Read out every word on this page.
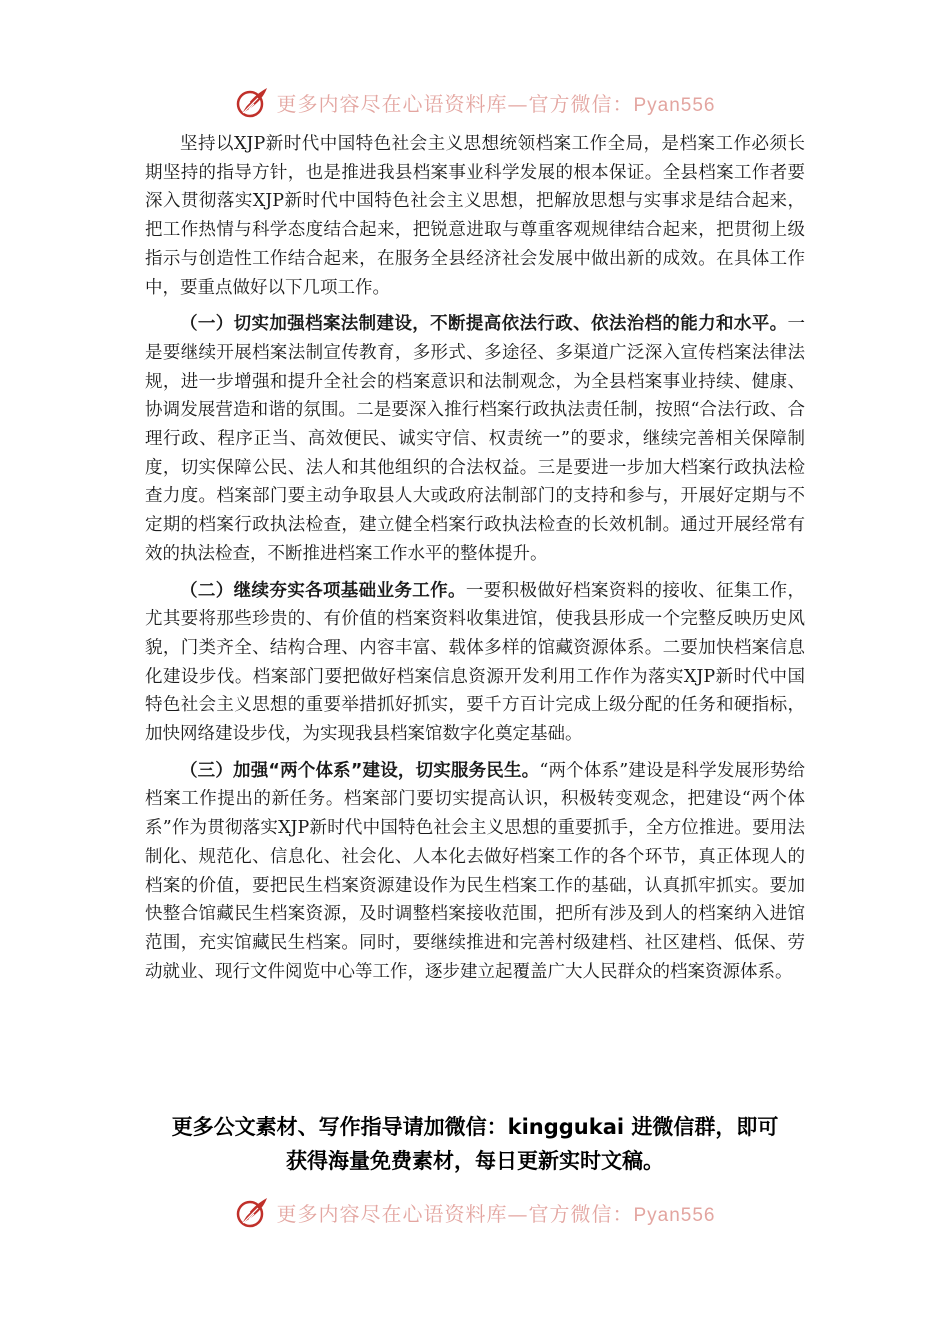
更多内容尽在心语资料库—官方微信：Pyan556

坚持以XJP新时代中国特色社会主义思想统领档案工作全局，是档案工作必须长期坚持的指导方针，也是推进我县档案事业科学发展的根本保证。全县档案工作者要深入贯彻落实XJP新时代中国特色社会主义思想，把解放思想与实事求是结合起来，把工作热情与科学态度结合起来，把锐意进取与尊重客观规律结合起来，把贯彻上级指示与创造性工作结合起来，在服务全县经济社会发展中做出新的成效。在具体工作中，要重点做好以下几项工作。

（一）切实加强档案法制建设，不断提高依法行政、依法治档的能力和水平。一是要继续开展档案法制宣传教育，多形式、多途径、多渠道广泛深入宣传档案法律法规，进一步增强和提升全社会的档案意识和法制观念，为全县档案事业持续、健康、协调发展营造和谐的氛围。二是要深入推行档案行政执法责任制，按照“合法行政、合理行政、程序正当、高效便民、诚实守信、权责统一”的要求，继续完善相关保障制度，切实保障公民、法人和其他组织的合法权益。三是要进一步加大档案行政执法检查力度。档案部门要主动争取县人大或政府法制部门的支持和参与，开展好定期与不定期的档案行政执法检查，建立健全档案行政执法检查的长效机制。通过开展经常有效的执法检查，不断推进档案工作水平的整体提升。

（二）继续夯实各项基础业务工作。一要积极做好档案资料的接收、征集工作，尤其要将那些珍贵的、有价值的档案资料收集进馆，使我县形成一个完整反映历史风貌，门类齐全、结构合理、内容丰富、载体多样的馆藏资源体系。二要加快档案信息化建设步伐。档案部门要把做好档案信息资源开发利用工作作为落实XJP新时代中国特色社会主义思想的重要举措抓好抓实，要千方百计完成上级分配的任务和硬指标，加快网络建设步伐，为实现我县档案馆数字化奠定基础。

（三）加强“两个体系”建设，切实服务民生。“两个体系”建设是科学发展形势给档案工作提出的新任务。档案部门要切实提高认识，积极转变观念，把建设“两个体系”作为贯彻落实XJP新时代中国特色社会主义思想的重要抓手，全方位推进。要用法制化、规范化、信息化、社会化、人本化去做好档案工作的各个环节，真正体现人的档案的价值，要把民生档案资源建设作为民生档案工作的基础，认真抓牢抓实。要加快整合馆藏民生档案资源，及时调整档案接收范围，把所有涉及到人的档案纳入进馆范围，充实馆藏民生档案。同时，要继续推进和完善村级建档、社区建档、低保、劳动就业、现行文件阅览中心等工作，逐步建立起覆盖广大人民群众的档案资源体系。

更多公文素材、写作指导请加微信：kinggukai 进微信群，即可
获得海量免费素材，每日更新实时文稿。
更多内容尽在心语资料库—官方微信：Pyan556
